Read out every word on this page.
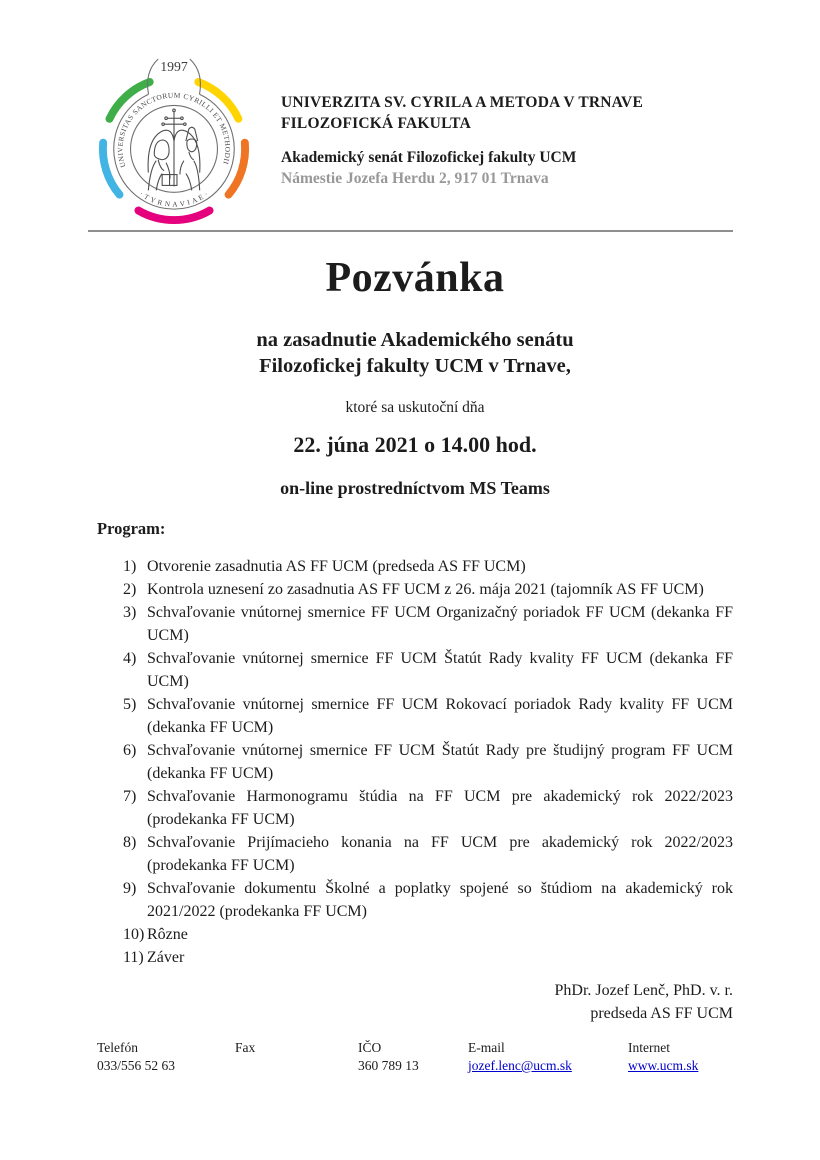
1997
UNIVERSITAS SANCTORUM CYRILLI ET METHODII
· T Y R N A V I A E ·
UNIVERZITA SV. CYRILA A METODA V TRNAVE
FILOZOFICKÁ FAKULTA
Akademický senát Filozofickej fakulty UCM
Námestie Jozefa Herdu 2, 917 01 Trnava
Pozvánka
na zasadnutie Akademického senátu
Filozofickej fakulty UCM v Trnave,
ktoré sa uskutoční dňa
22. júna 2021 o 14.00 hod.
on-line prostredníctvom MS Teams
Program:
1) Otvorenie zasadnutia AS FF UCM (predseda AS FF UCM)
2) Kontrola uznesení zo zasadnutia AS FF UCM z 26. mája 2021 (tajomník AS FF UCM)
3) Schvaľovanie vnútornej smernice FF UCM Organizačný poriadok FF UCM (dekanka FF UCM)
4) Schvaľovanie vnútornej smernice FF UCM Štatút Rady kvality FF UCM (dekanka FF UCM)
5) Schvaľovanie vnútornej smernice FF UCM Rokovací poriadok Rady kvality FF UCM (dekanka FF UCM)
6) Schvaľovanie vnútornej smernice FF UCM Štatút Rady pre študijný program FF UCM (dekanka FF UCM)
7) Schvaľovanie Harmonogramu štúdia na FF UCM pre akademický rok 2022/2023 (prodekanka FF UCM)
8) Schvaľovanie Prijímacieho konania na FF UCM pre akademický rok 2022/2023 (prodekanka FF UCM)
9) Schvaľovanie dokumentu Školné a poplatky spojené so štúdiom na akademický rok 2021/2022 (prodekanka FF UCM)
10) Rôzne
11) Záver
PhDr. Jozef Lenč, PhD. v. r.
predseda AS FF UCM
Telefón
033/556 52 63
Fax	IČO
360 789 13
E-mail
jozef.lenc@ucm.sk
Internet
www.ucm.sk
